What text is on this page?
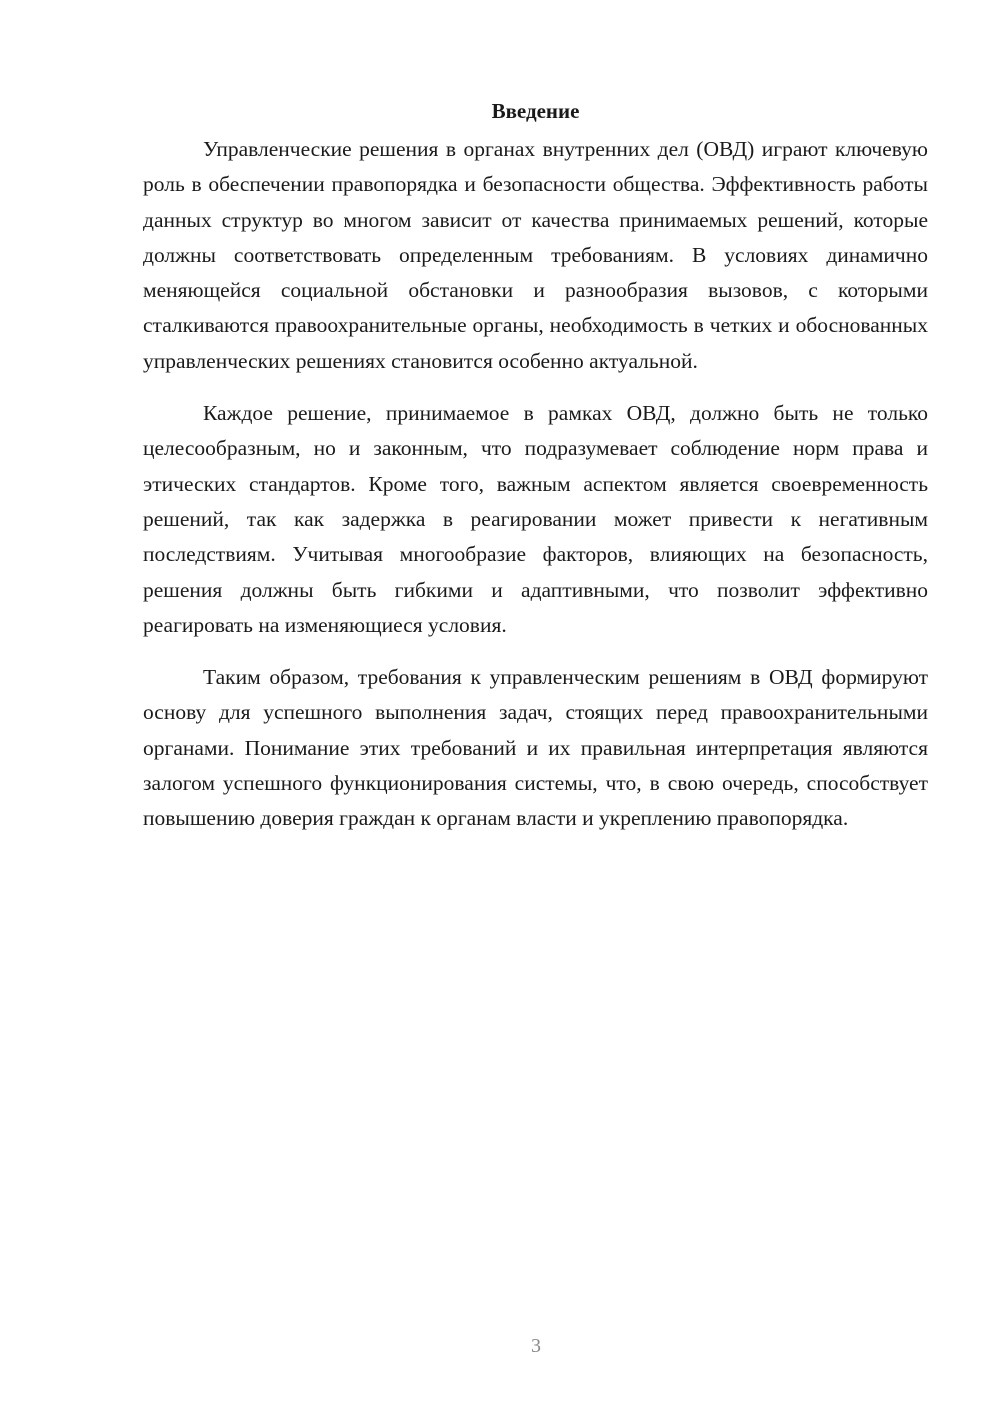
Введение

Управленческие решения в органах внутренних дел (ОВД) играют ключевую роль в обеспечении правопорядка и безопасности общества. Эффективность работы данных структур во многом зависит от качества принимаемых решений, которые должны соответствовать определенным требованиям. В условиях динамично меняющейся социальной обстановки и разнообразия вызовов, с которыми сталкиваются правоохранительные органы, необходимость в четких и обоснованных управленческих решениях становится особенно актуальной.

Каждое решение, принимаемое в рамках ОВД, должно быть не только целесообразным, но и законным, что подразумевает соблюдение норм права и этических стандартов. Кроме того, важным аспектом является своевременность решений, так как задержка в реагировании может привести к негативным последствиям. Учитывая многообразие факторов, влияющих на безопасность, решения должны быть гибкими и адаптивными, что позволит эффективно реагировать на изменяющиеся условия.

Таким образом, требования к управленческим решениям в ОВД формируют основу для успешного выполнения задач, стоящих перед правоохранительными органами. Понимание этих требований и их правильная интерпретация являются залогом успешного функционирования системы, что, в свою очередь, способствует повышению доверия граждан к органам власти и укреплению правопорядка.

3
